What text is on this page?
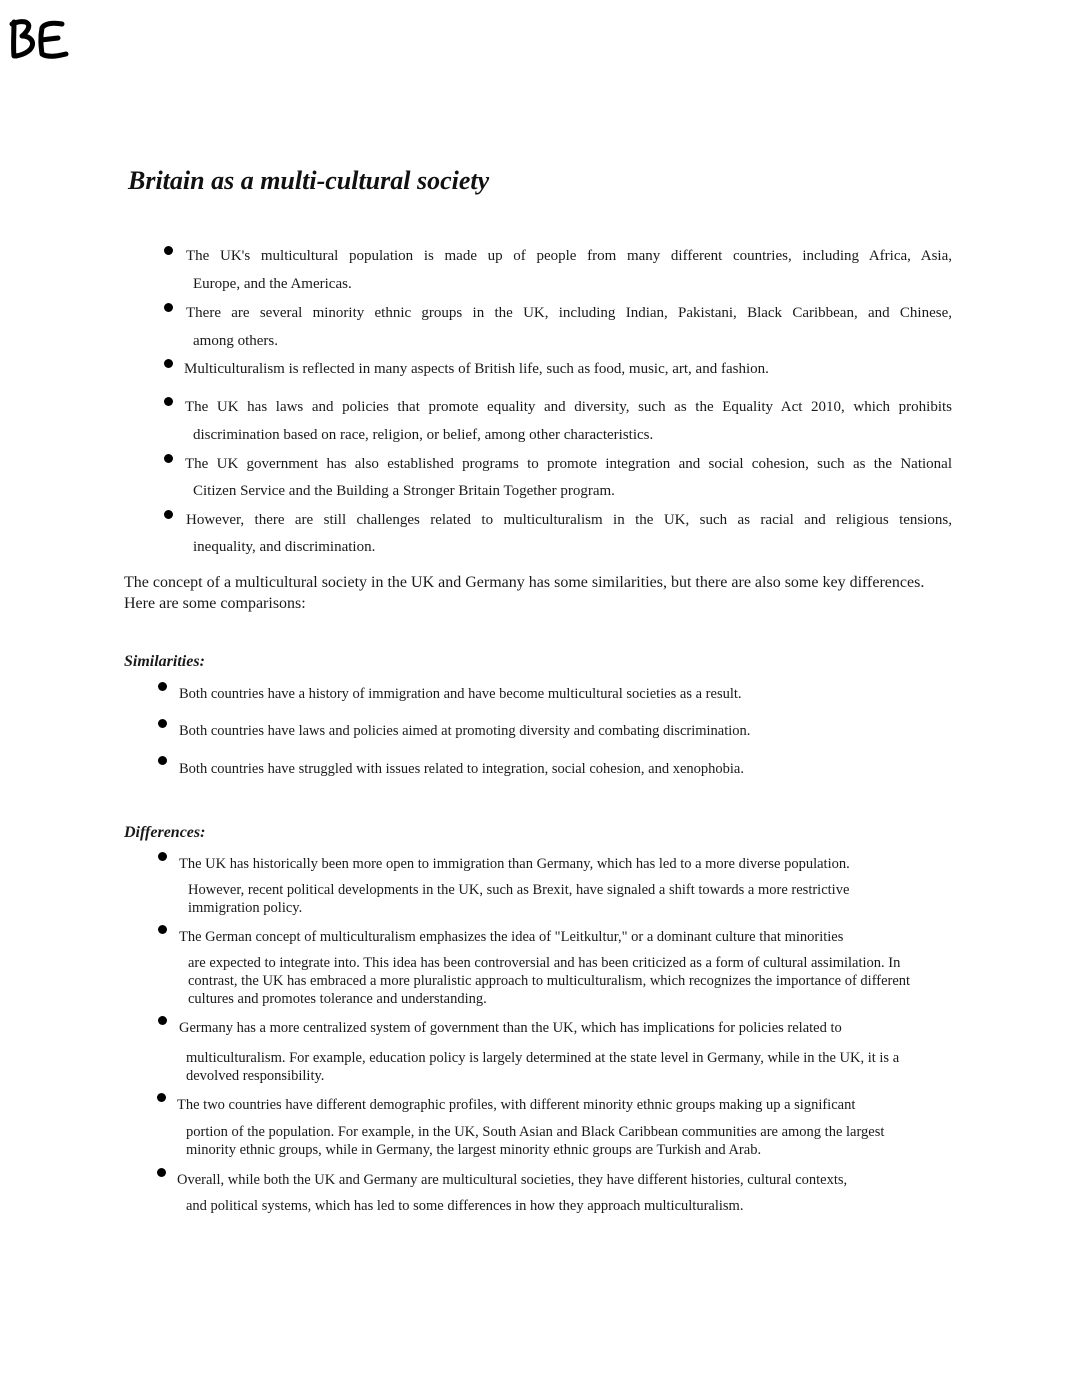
Britain as a multi-cultural society
The UK's multicultural population is made up of people from many different countries, including Africa, Asia,
Europe, and the Americas.
There are several minority ethnic groups in the UK, including Indian, Pakistani, Black Caribbean, and Chinese,
among others.
Multiculturalism is reflected in many aspects of British life, such as food, music, art, and fashion.
The UK has laws and policies that promote equality and diversity, such as the Equality Act 2010, which prohibits
discrimination based on race, religion, or belief, among other characteristics.
The UK government has also established programs to promote integration and social cohesion, such as the National
Citizen Service and the Building a Stronger Britain Together program.
However, there are still challenges related to multiculturalism in the UK, such as racial and religious tensions,
inequality, and discrimination.

The concept of a multicultural society in the UK and Germany has some similarities, but there are also some key differences. Here are some comparisons:

Similarities:
Both countries have a history of immigration and have become multicultural societies as a result.
Both countries have laws and policies aimed at promoting diversity and combating discrimination.
Both countries have struggled with issues related to integration, social cohesion, and xenophobia.
Differences:
The UK has historically been more open to immigration than Germany, which has led to a more diverse population.
However, recent political developments in the UK, such as Brexit, have signaled a shift towards a more restrictive immigration policy.
The German concept of multiculturalism emphasizes the idea of "Leitkultur," or a dominant culture that minorities
are expected to integrate into. This idea has been controversial and has been criticized as a form of cultural assimilation. In contrast, the UK has embraced a more pluralistic approach to multiculturalism, which recognizes the importance of different cultures and promotes tolerance and understanding.
Germany has a more centralized system of government than the UK, which has implications for policies related to
multiculturalism. For example, education policy is largely determined at the state level in Germany, while in the UK, it is a devolved responsibility.
The two countries have different demographic profiles, with different minority ethnic groups making up a significant
portion of the population. For example, in the UK, South Asian and Black Caribbean communities are among the largest minority ethnic groups, while in Germany, the largest minority ethnic groups are Turkish and Arab.
Overall, while both the UK and Germany are multicultural societies, they have different histories, cultural contexts,
and political systems, which has led to some differences in how they approach multiculturalism.
